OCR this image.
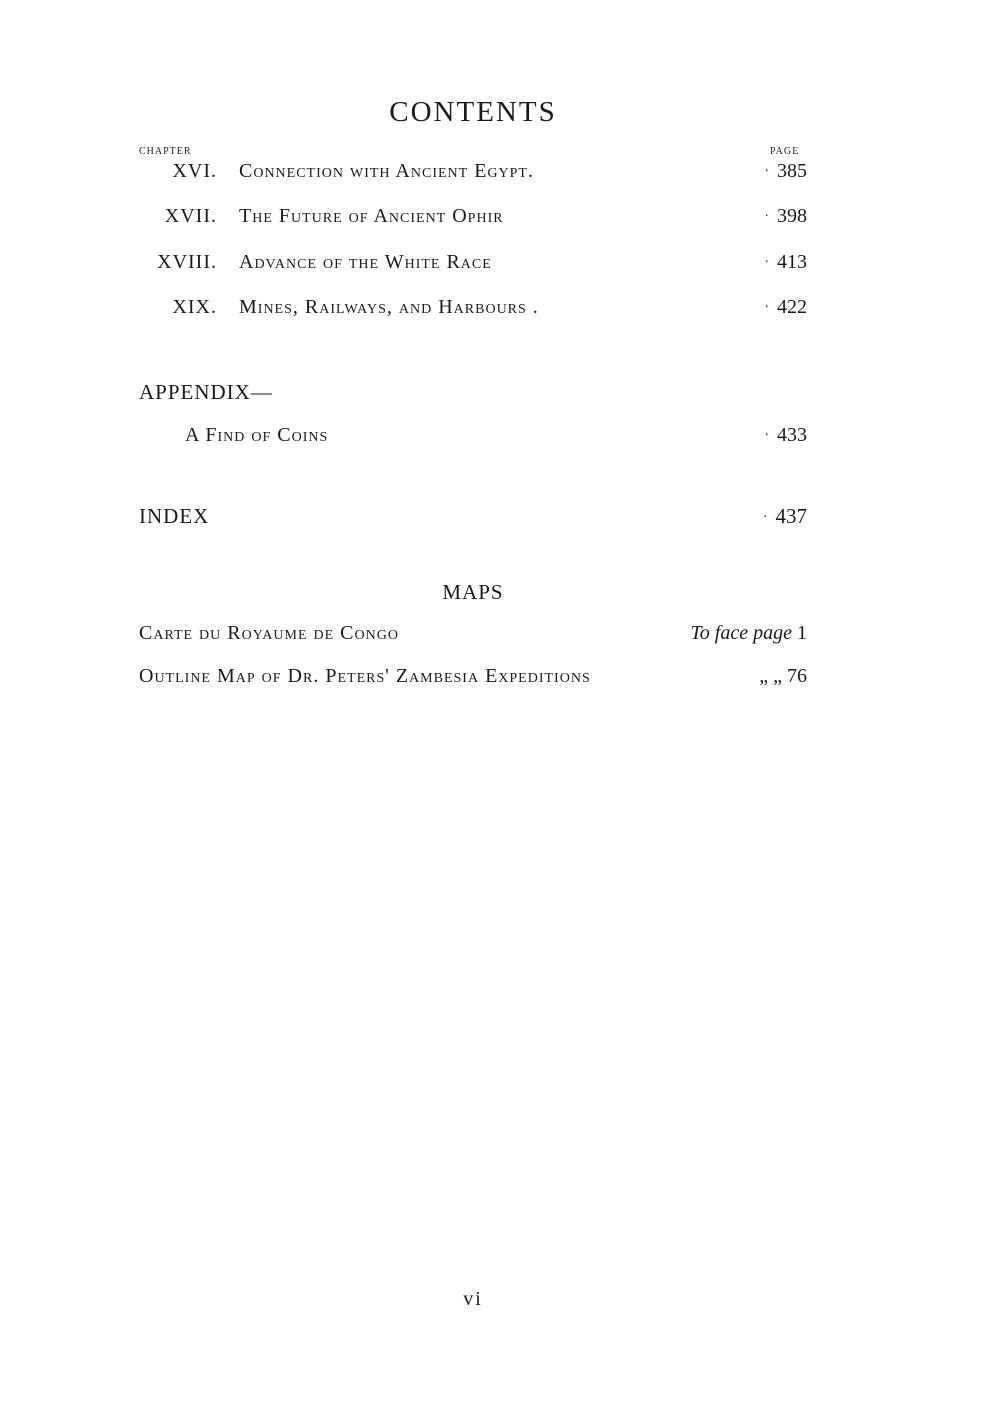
CONTENTS
CHAPTER	PAGE
XVI. Connection with Ancient Egypt.	· 385
XVII. The Future of Ancient Ophir	· 398
XVIII. Advance of the White Race	· 413
XIX. Mines, Railways, and Harbours .	· 422
APPENDIX—
A Find of Coins	· 433
INDEX	· 437
MAPS
Carte du Royaume de Congo	To face page 1
Outline Map of Dr. Peters' Zambesia Expeditions	„ „ 76
vi
